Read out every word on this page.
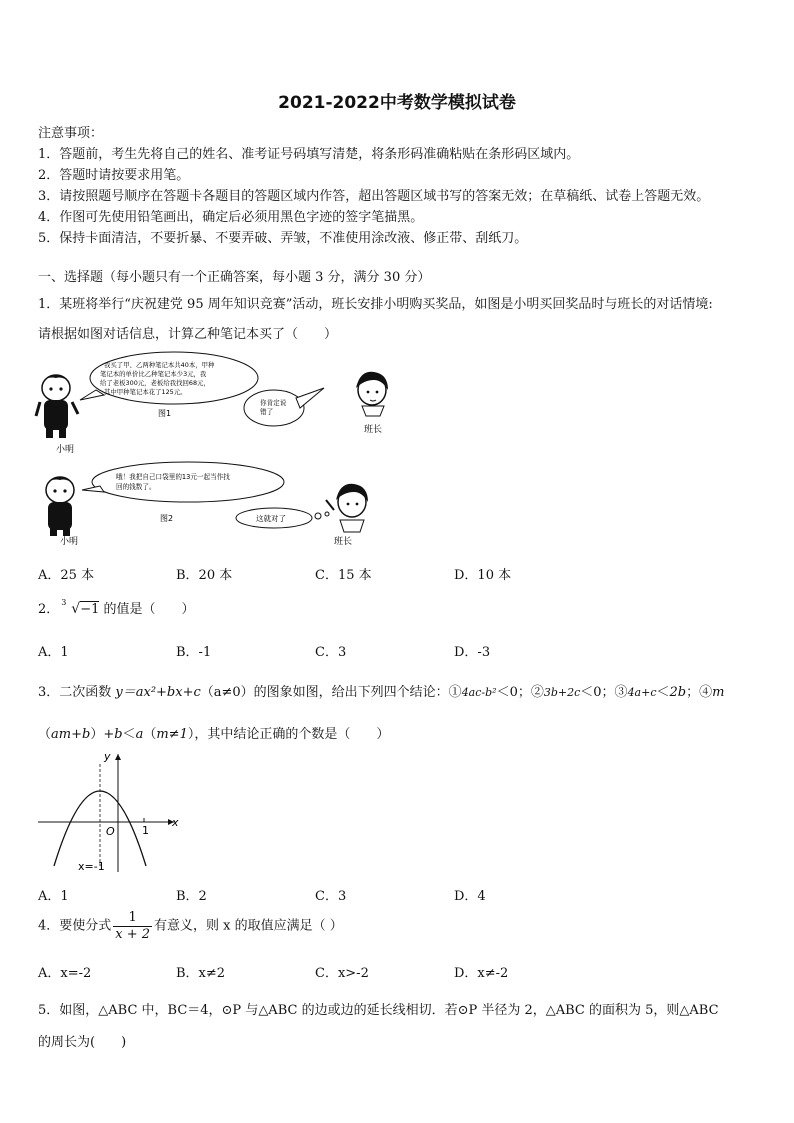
2021-2022中考数学模拟试卷
注意事项：
1．答题前，考生先将自己的姓名、准考证号码填写清楚，将条形码准确粘贴在条形码区域内。
2．答题时请按要求用笔。
3．请按照题号顺序在答题卡各题目的答题区域内作答，超出答题区域书写的答案无效；在草稿纸、试卷上答题无效。
4．作图可先使用铅笔画出，确定后必须用黑色字迹的签字笔描黑。
5．保持卡面清洁，不要折暴、不要弄破、弄皱，不准使用涂改液、修正带、刮纸刀。
一、选择题（每小题只有一个正确答案，每小题 3 分，满分 30 分）
1．某班将举行“庆祝建党 95 周年知识竞赛”活动，班长安排小明购买奖品，如图是小明买回奖品时与班长的对话情境:
请根据如图对话信息，计算乙种笔记本买了（　　）
小明
我买了甲、乙两种笔记本共40本，甲种
笔记本的单价比乙种笔记本少3元，我
给了老板300元，老板给我找回68元，
其中甲种笔记本花了125元。
图1
你肯定说
错了
班长
小明
哦！我把自己口袋里的13元一起当作找
回的钱数了。
图2	这就对了
班长
A．25 本	B．20 本	C．15 本	D．10 本
2． 3 √−1 的值是（　　）
A．1	B．-1	C．3	D．-3
3．二次函数 y＝ax²+bx+c（a≠0）的图象如图，给出下列四个结论：①4ac-b²＜0；②3b+2c＜0；③4a+c＜2b；④m
（am+b）+b＜a（m≠1），其中结论正确的个数是（　　）
y
x
O 1
x=-1
A．1	B．2	C．3	D．4
4．要使分式 $\frac{1}{x + 2}$ 有意义，则 x 的取值应满足（ ）
A．x=-2	B．x≠2	C．x>-2	D．x≠-2
5．如图，△ABC 中，BC＝4，⊙P 与△ABC 的边或边的延长线相切．若⊙P 半径为 2，△ABC 的面积为 5，则△ABC
的周长为(　　)
